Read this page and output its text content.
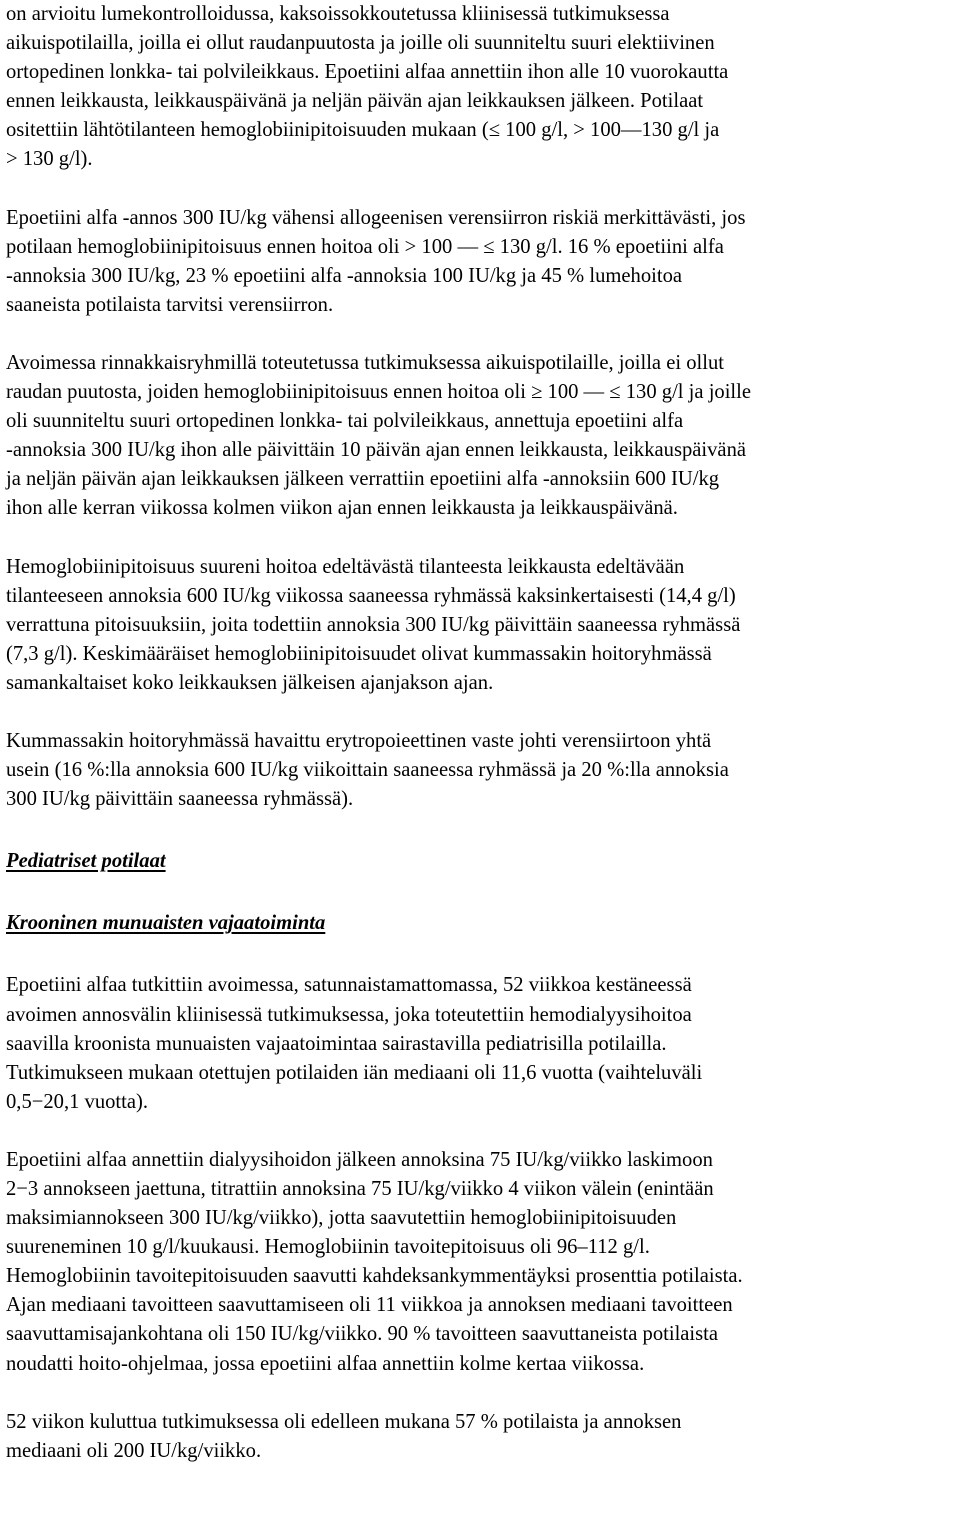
on arvioitu lumekontrolloidussa, kaksoissokkoutetussa kliinisessä tutkimuksessa
aikuispotilailla, joilla ei ollut raudanpuutosta ja joille oli suunniteltu suuri elektiivinen
ortopedinen lonkka- tai polvileikkaus. Epoetiini alfaa annettiin ihon alle 10 vuorokautta
ennen leikkausta, leikkauspäivänä ja neljän päivän ajan leikkauksen jälkeen. Potilaat
ositettiin lähtötilanteen hemoglobiinipitoisuuden mukaan (≤ 100 g/l, > 100—130 g/l ja
> 130 g/l).
Epoetiini alfa -annos 300 IU/kg vähensi allogeenisen verensiirron riskiä merkittävästi, jos
potilaan hemoglobiinipitoisuus ennen hoitoa oli > 100 — ≤ 130 g/l. 16 % epoetiini alfa
-annoksia 300 IU/kg, 23 % epoetiini alfa -annoksia 100 IU/kg ja 45 % lumehoitoa
saaneista potilaista tarvitsi verensiirron.
Avoimessa rinnakkaisryhmillä toteutetussa tutkimuksessa aikuispotilaille, joilla ei ollut
raudan puutosta, joiden hemoglobiinipitoisuus ennen hoitoa oli ≥ 100 — ≤ 130 g/l ja joille
oli suunniteltu suuri ortopedinen lonkka- tai polvileikkaus, annettuja epoetiini alfa
-annoksia 300 IU/kg ihon alle päivittäin 10 päivän ajan ennen leikkausta, leikkauspäivänä
ja neljän päivän ajan leikkauksen jälkeen verrattiin epoetiini alfa -annoksiin 600 IU/kg
ihon alle kerran viikossa kolmen viikon ajan ennen leikkausta ja leikkauspäivänä.
Hemoglobiinipitoisuus suureni hoitoa edeltävästä tilanteesta leikkausta edeltävään
tilanteeseen annoksia 600 IU/kg viikossa saaneessa ryhmässä kaksinkertaisesti (14,4 g/l)
verrattuna pitoisuuksiin, joita todettiin annoksia 300 IU/kg päivittäin saaneessa ryhmässä
(7,3 g/l). Keskimääräiset hemoglobiinipitoisuudet olivat kummassakin hoitoryhmässä
samankaltaiset koko leikkauksen jälkeisen ajanjakson ajan.
Kummassakin hoitoryhmässä havaittu erytropoieettinen vaste johti verensiirtoon yhtä
usein (16 %:lla annoksia 600 IU/kg viikoittain saaneessa ryhmässä ja 20 %:lla annoksia
300 IU/kg päivittäin saaneessa ryhmässä).
Pediatriset potilaat
Krooninen munuaisten vajaatoiminta
Epoetiini alfaa tutkittiin avoimessa, satunnaistamattomassa, 52 viikkoa kestäneessä
avoimen annosvälin kliinisessä tutkimuksessa, joka toteutettiin hemodialyysihoitoa
saavilla kroonista munuaisten vajaatoimintaa sairastavilla pediatrisilla potilailla.
Tutkimukseen mukaan otettujen potilaiden iän mediaani oli 11,6 vuotta (vaihteluväli
0,5−20,1 vuotta).
Epoetiini alfaa annettiin dialyysihoidon jälkeen annoksina 75 IU/kg/viikko laskimoon
2−3 annokseen jaettuna, titrattiin annoksina 75 IU/kg/viikko 4 viikon välein (enintään
maksimiannokseen 300 IU/kg/viikko), jotta saavutettiin hemoglobiinipitoisuuden
suureneminen 10 g/l/kuukausi. Hemoglobiinin tavoitepitoisuus oli 96–112 g/l.
Hemoglobiinin tavoitepitoisuuden saavutti kahdeksankymmentäyksi prosenttia potilaista.
Ajan mediaani tavoitteen saavuttamiseen oli 11 viikkoa ja annoksen mediaani tavoitteen
saavuttamisajankohtana oli 150 IU/kg/viikko. 90 % tavoitteen saavuttaneista potilaista
noudatti hoito-ohjelmaa, jossa epoetiini alfaa annettiin kolme kertaa viikossa.
52 viikon kuluttua tutkimuksessa oli edelleen mukana 57 % potilaista ja annoksen
mediaani oli 200 IU/kg/viikko.
